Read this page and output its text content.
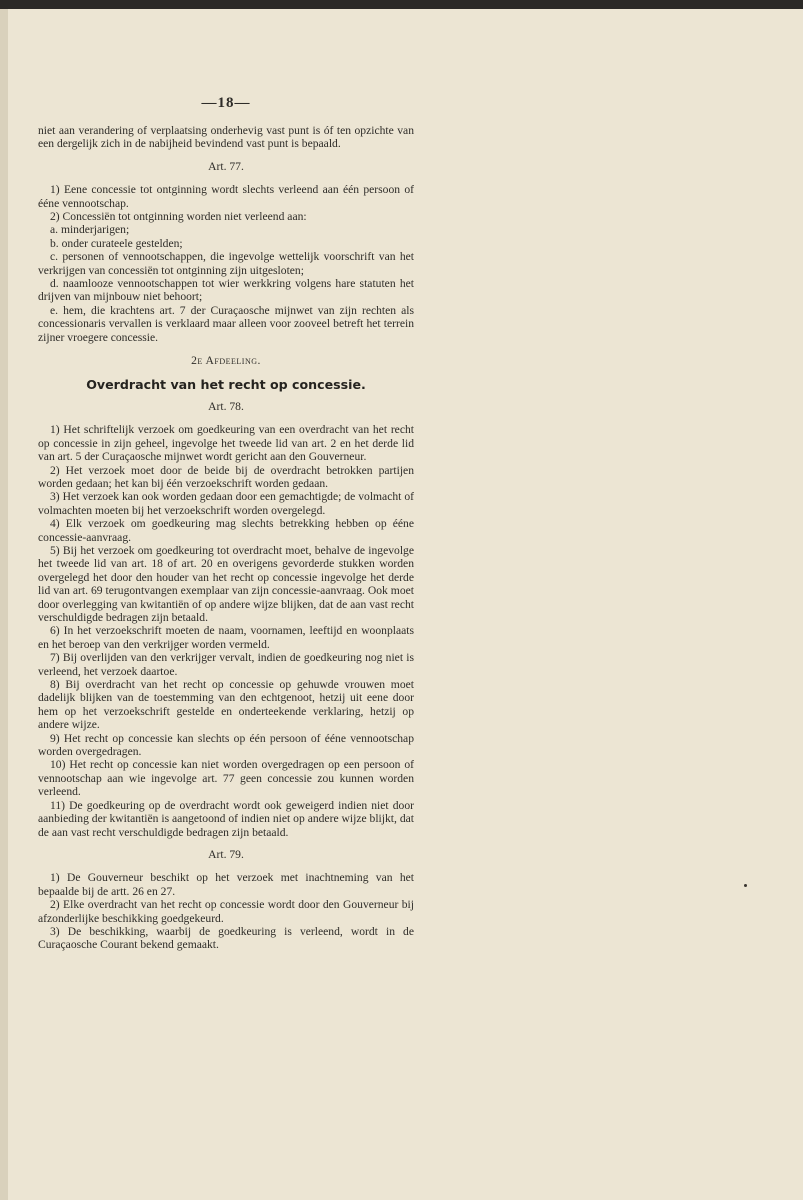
—18—

niet aan verandering of verplaatsing onderhevig vast punt is óf ten opzichte van een dergelijk zich in de nabijheid bevindend vast punt is bepaald.

Art. 77.

1) Eene concessie tot ontginning wordt slechts verleend aan één persoon of ééne vennootschap.

2) Concessiën tot ontginning worden niet verleend aan:

a. minderjarigen;

b. onder curateele gestelden;

c. personen of vennootschappen, die ingevolge wettelijk voorschrift van het verkrijgen van concessiën tot ontginning zijn uitgesloten;

d. naamlooze vennootschappen tot wier werkkring volgens hare statuten het drijven van mijnbouw niet behoort;

e. hem, die krachtens art. 7 der Curaçaosche mijnwet van zijn rechten als concessionaris vervallen is verklaard maar alleen voor zooveel betreft het terrein zijner vroegere concessie.

2e Afdeeling.

Overdracht van het recht op concessie.

Art. 78.

1) Het schriftelijk verzoek om goedkeuring van een overdracht van het recht op concessie in zijn geheel, ingevolge het tweede lid van art. 2 en het derde lid van art. 5 der Curaçaosche mijnwet wordt gericht aan den Gouverneur.

2) Het verzoek moet door de beide bij de overdracht betrokken partijen worden gedaan; het kan bij één verzoekschrift worden gedaan.

3) Het verzoek kan ook worden gedaan door een gemachtigde; de volmacht of volmachten moeten bij het verzoekschrift worden overgelegd.

4) Elk verzoek om goedkeuring mag slechts betrekking hebben op ééne concessie-aanvraag.

5) Bij het verzoek om goedkeuring tot overdracht moet, behalve de ingevolge het tweede lid van art. 18 of art. 20 en overigens gevorderde stukken worden overgelegd het door den houder van het recht op concessie ingevolge het derde lid van art. 69 terugontvangen exemplaar van zijn concessie-aanvraag. Ook moet door overlegging van kwitantiën of op andere wijze blijken, dat de aan vast recht verschuldigde bedragen zijn betaald.

6) In het verzoekschrift moeten de naam, voornamen, leeftijd en woonplaats en het beroep van den verkrijger worden vermeld.

7) Bij overlijden van den verkrijger vervalt, indien de goedkeuring nog niet is verleend, het verzoek daartoe.

8) Bij overdracht van het recht op concessie op gehuwde vrouwen moet dadelijk blijken van de toestemming van den echtgenoot, hetzij uit eene door hem op het verzoekschrift gestelde en onderteekende verklaring, hetzij op andere wijze.

9) Het recht op concessie kan slechts op één persoon of ééne vennootschap worden overgedragen.

10) Het recht op concessie kan niet worden overgedragen op een persoon of vennootschap aan wie ingevolge art. 77 geen concessie zou kunnen worden verleend.

11) De goedkeuring op de overdracht wordt ook geweigerd indien niet door aanbieding der kwitantiën is aangetoond of indien niet op andere wijze blijkt, dat de aan vast recht verschuldigde bedragen zijn betaald.

Art. 79.

1) De Gouverneur beschikt op het verzoek met inachtneming van het bepaalde bij de artt. 26 en 27.

2) Elke overdracht van het recht op concessie wordt door den Gouverneur bij afzonderlijke beschikking goedgekeurd.

3) De beschikking, waarbij de goedkeuring is verleend, wordt in de Curaçaosche Courant bekend gemaakt.
